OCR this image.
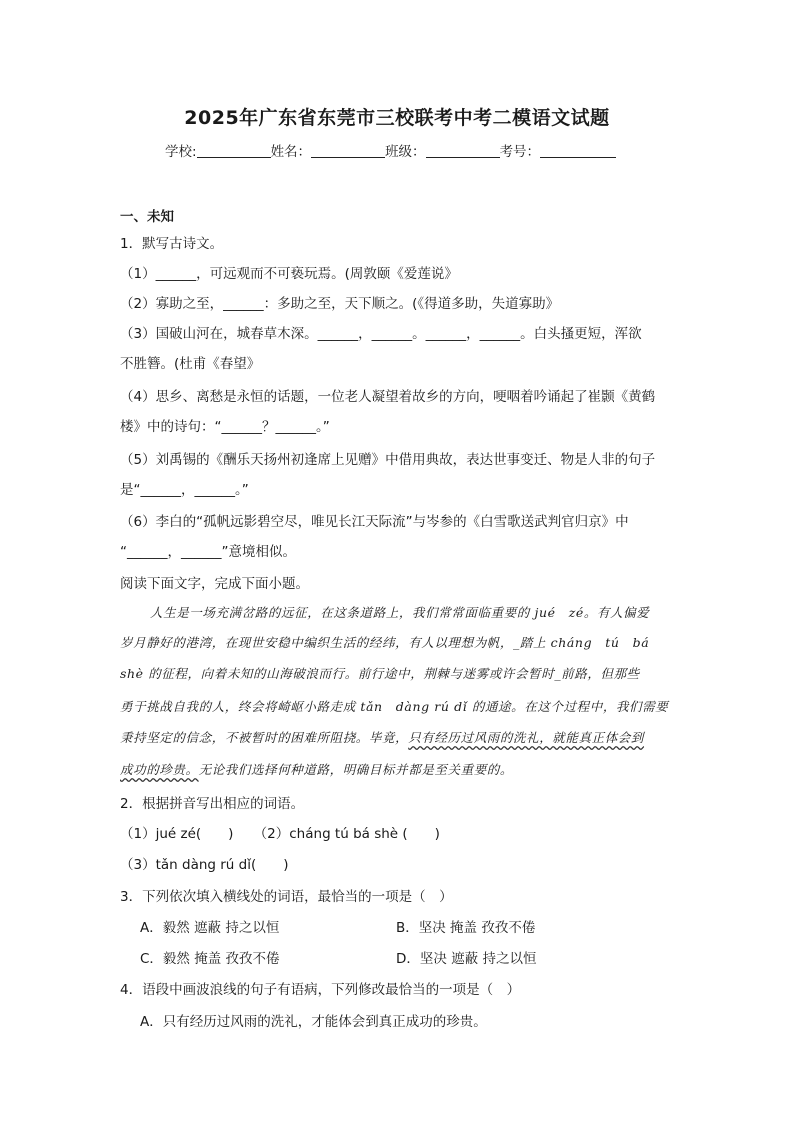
2025年广东省东莞市三校联考中考二模语文试题
学校:	姓名：	班级：	考号：
一、未知
1．默写古诗文。
（1）______，可远观而不可亵玩焉。(周敦颐《爱莲说》
（2）寡助之至，______：多助之至，天下顺之。(《得道多助，失道寡助》
（3）国破山河在，城春草木深。______，______。______，______。白头搔更短，浑欲
不胜簪。(杜甫《春望》
（4）思乡、离愁是永恒的话题，一位老人凝望着故乡的方向，哽咽着吟诵起了崔颢《黄鹤
楼》中的诗句：“______？______。”
（5）刘禹锡的《酬乐天扬州初逢席上见赠》中借用典故，表达世事变迁、物是人非的句子
是“______，______。”
（6）李白的“孤帆远影碧空尽，唯见长江天际流”与岑参的《白雪歌送武判官归京》中
“______，______”意境相似。
阅读下面文字，完成下面小题。
人生是一场充满岔路的远征，在这条道路上，我们常常面临重要的 jué　zé。有人偏爱
岁月静好的港湾，在现世安稳中编织生活的经纬，有人以理想为帆，_踏上 cháng　tú　bá
shè 的征程，向着未知的山海破浪而行。前行途中，荆棘与迷雾或许会暂时_前路，但那些
勇于挑战自我的人，终会将崎岖小路走成 tǎn　dàng rú dǐ 的通途。在这个过程中，我们需要
秉持坚定的信念，不被暂时的困难所阻挠。毕竟，只有经历过风雨的洗礼，就能真正体会到
成功的珍贵。无论我们选择何种道路，明确目标并都是至关重要的。
2．根据拼音写出相应的词语。
（1）jué zé(　　)　　（2）cháng tú bá shè (　　)
（3）tǎn dàng rú dǐ(　　)
3．下列依次填入横线处的词语，最恰当的一项是（　）
A．毅然 遮蔽 持之以恒	B．坚决 掩盖 孜孜不倦
C．毅然 掩盖 孜孜不倦	D．坚决 遮蔽 持之以恒
4．语段中画波浪线的句子有语病，下列修改最恰当的一项是（　）
A．只有经历过风雨的洗礼，才能体会到真正成功的珍贵。
